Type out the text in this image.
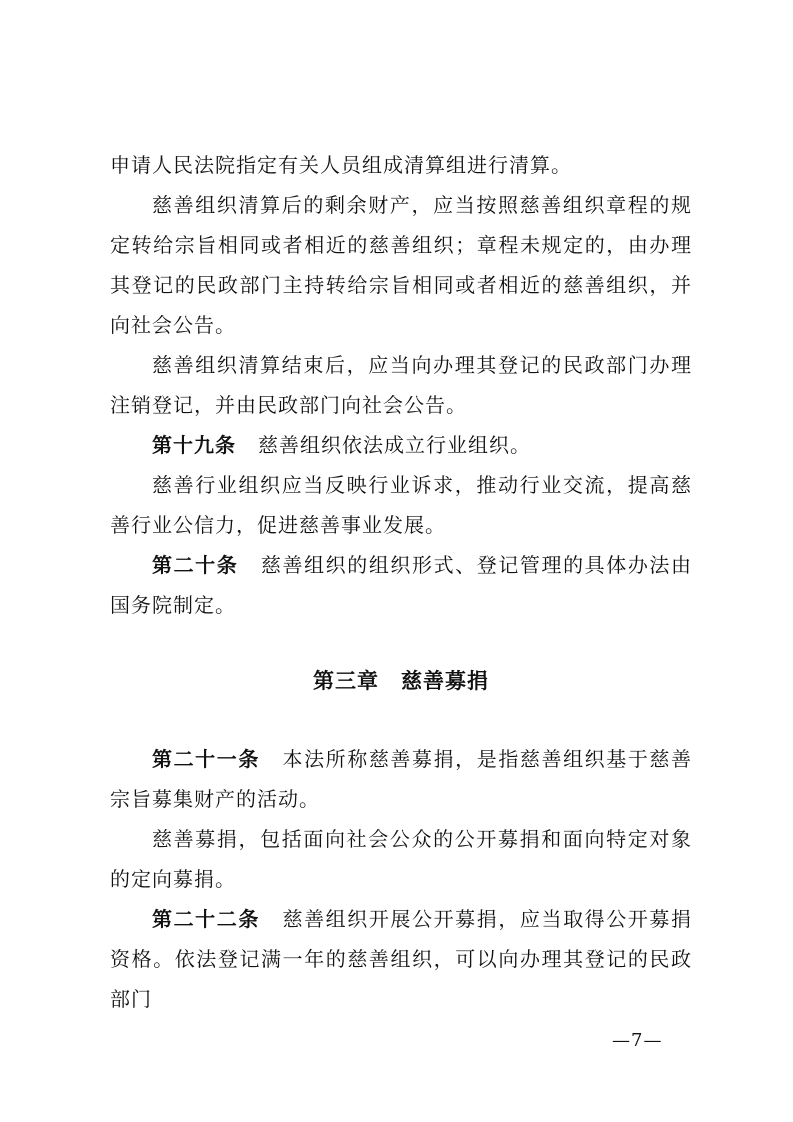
申请人民法院指定有关人员组成清算组进行清算。

慈善组织清算后的剩余财产，应当按照慈善组织章程的规定转给宗旨相同或者相近的慈善组织；章程未规定的，由办理其登记的民政部门主持转给宗旨相同或者相近的慈善组织，并向社会公告。

慈善组织清算结束后，应当向办理其登记的民政部门办理注销登记，并由民政部门向社会公告。

第十九条 慈善组织依法成立行业组织。

慈善行业组织应当反映行业诉求，推动行业交流，提高慈善行业公信力，促进慈善事业发展。

第二十条 慈善组织的组织形式、登记管理的具体办法由国务院制定。

第三章 慈善募捐

第二十一条 本法所称慈善募捐，是指慈善组织基于慈善宗旨募集财产的活动。

慈善募捐，包括面向社会公众的公开募捐和面向特定对象的定向募捐。

第二十二条 慈善组织开展公开募捐，应当取得公开募捐资格。依法登记满一年的慈善组织，可以向办理其登记的民政部门

—7—
